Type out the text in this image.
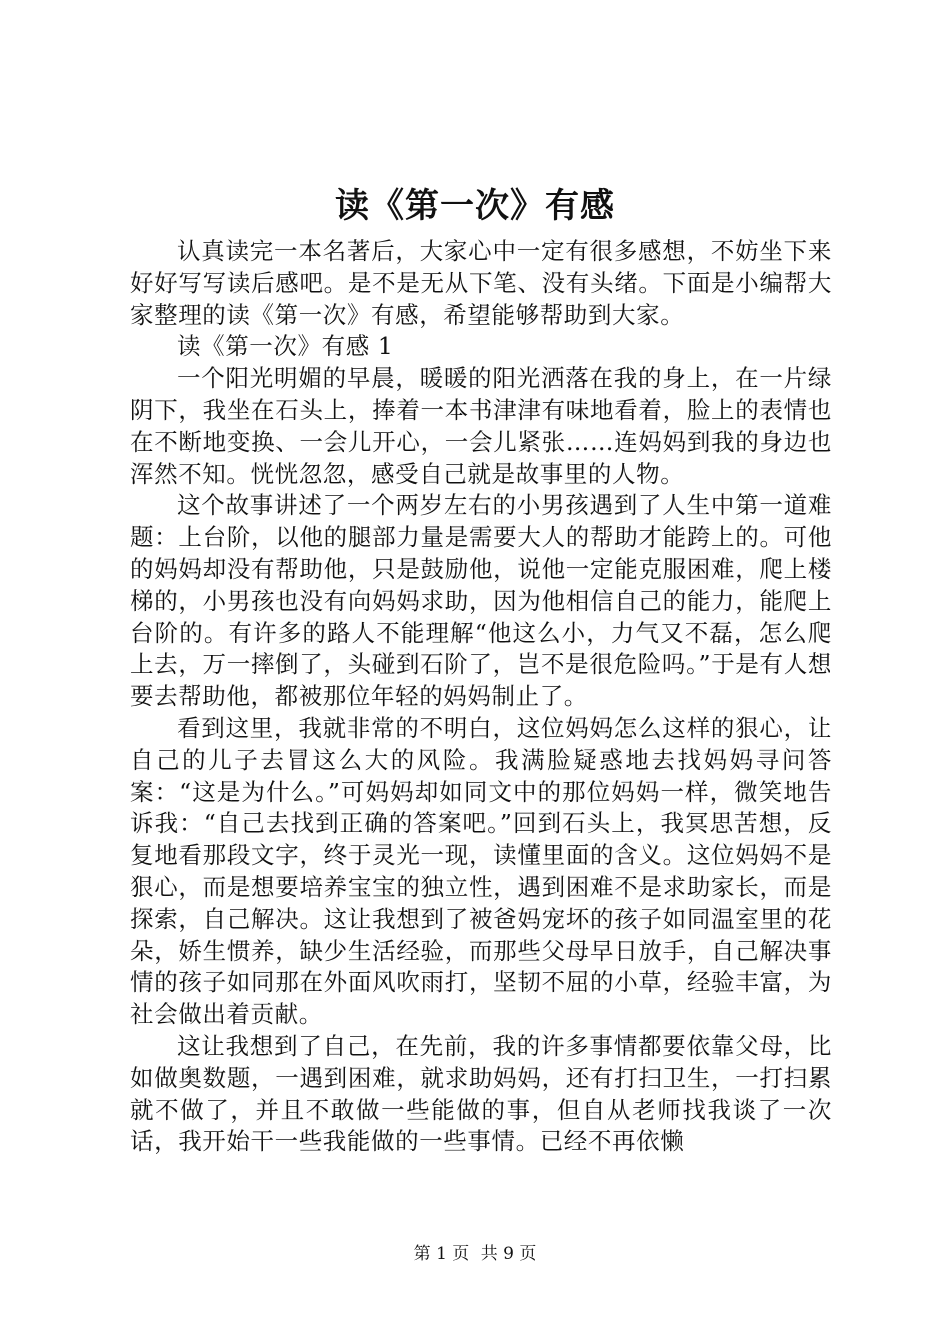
读《第一次》有感

认真读完一本名著后，大家心中一定有很多感想，不妨坐下来好好写写读后感吧。是不是无从下笔、没有头绪。下面是小编帮大家整理的读《第一次》有感，希望能够帮助到大家。

读《第一次》有感 1

一个阳光明媚的早晨，暖暖的阳光洒落在我的身上，在一片绿阴下，我坐在石头上，捧着一本书津津有味地看着，脸上的表情也在不断地变换、一会儿开心，一会儿紧张……连妈妈到我的身边也浑然不知。恍恍忽忽，感受自己就是故事里的人物。

这个故事讲述了一个两岁左右的小男孩遇到了人生中第一道难题：上台阶，以他的腿部力量是需要大人的帮助才能跨上的。可他的妈妈却没有帮助他，只是鼓励他，说他一定能克服困难，爬上楼梯的，小男孩也没有向妈妈求助，因为他相信自己的能力，能爬上台阶的。有许多的路人不能理解“他这么小，力气又不磊，怎么爬上去，万一摔倒了，头碰到石阶了，岂不是很危险吗。”于是有人想要去帮助他，都被那位年轻的妈妈制止了。

看到这里，我就非常的不明白，这位妈妈怎么这样的狠心，让自己的儿子去冒这么大的风险。我满脸疑惑地去找妈妈寻问答案：“这是为什么。”可妈妈却如同文中的那位妈妈一样，微笑地告诉我：“自己去找到正确的答案吧。”回到石头上，我冥思苦想，反复地看那段文字，终于灵光一现，读懂里面的含义。这位妈妈不是狠心，而是想要培养宝宝的独立性，遇到困难不是求助家长，而是探索，自己解决。这让我想到了被爸妈宠坏的孩子如同温室里的花朵，娇生惯养，缺少生活经验，而那些父母早日放手，自己解决事情的孩子如同那在外面风吹雨打，坚韧不屈的小草，经验丰富，为社会做出着贡献。

这让我想到了自己，在先前，我的许多事情都要依靠父母，比如做奥数题，一遇到困难，就求助妈妈，还有打扫卫生，一打扫累就不做了，并且不敢做一些能做的事，但自从老师找我谈了一次话，我开始干一些我能做的一些事情。已经不再依懒

第 1 页 共 9 页
